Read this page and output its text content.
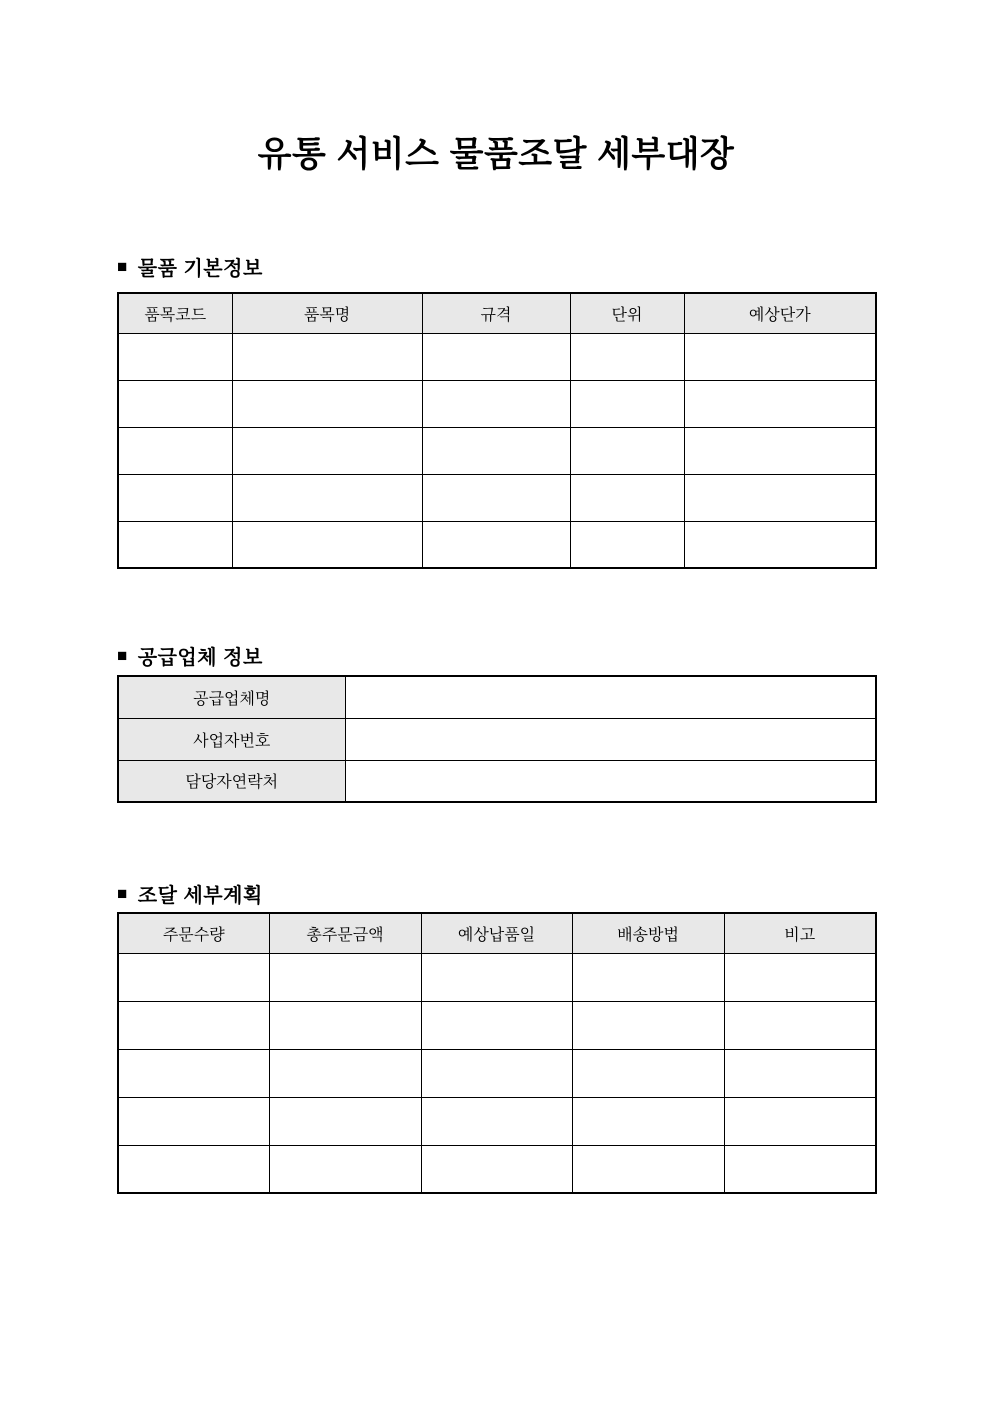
유통 서비스 물품조달 세부대장
■ 물품 기본정보
품목코드	품목명	규격	단위	예상단가

■ 공급업체 정보
공급업체명	
사업자번호	
담당자연락처	
■ 조달 세부계획
주문수량	총주문금액	예상납품일	배송방법	비고
